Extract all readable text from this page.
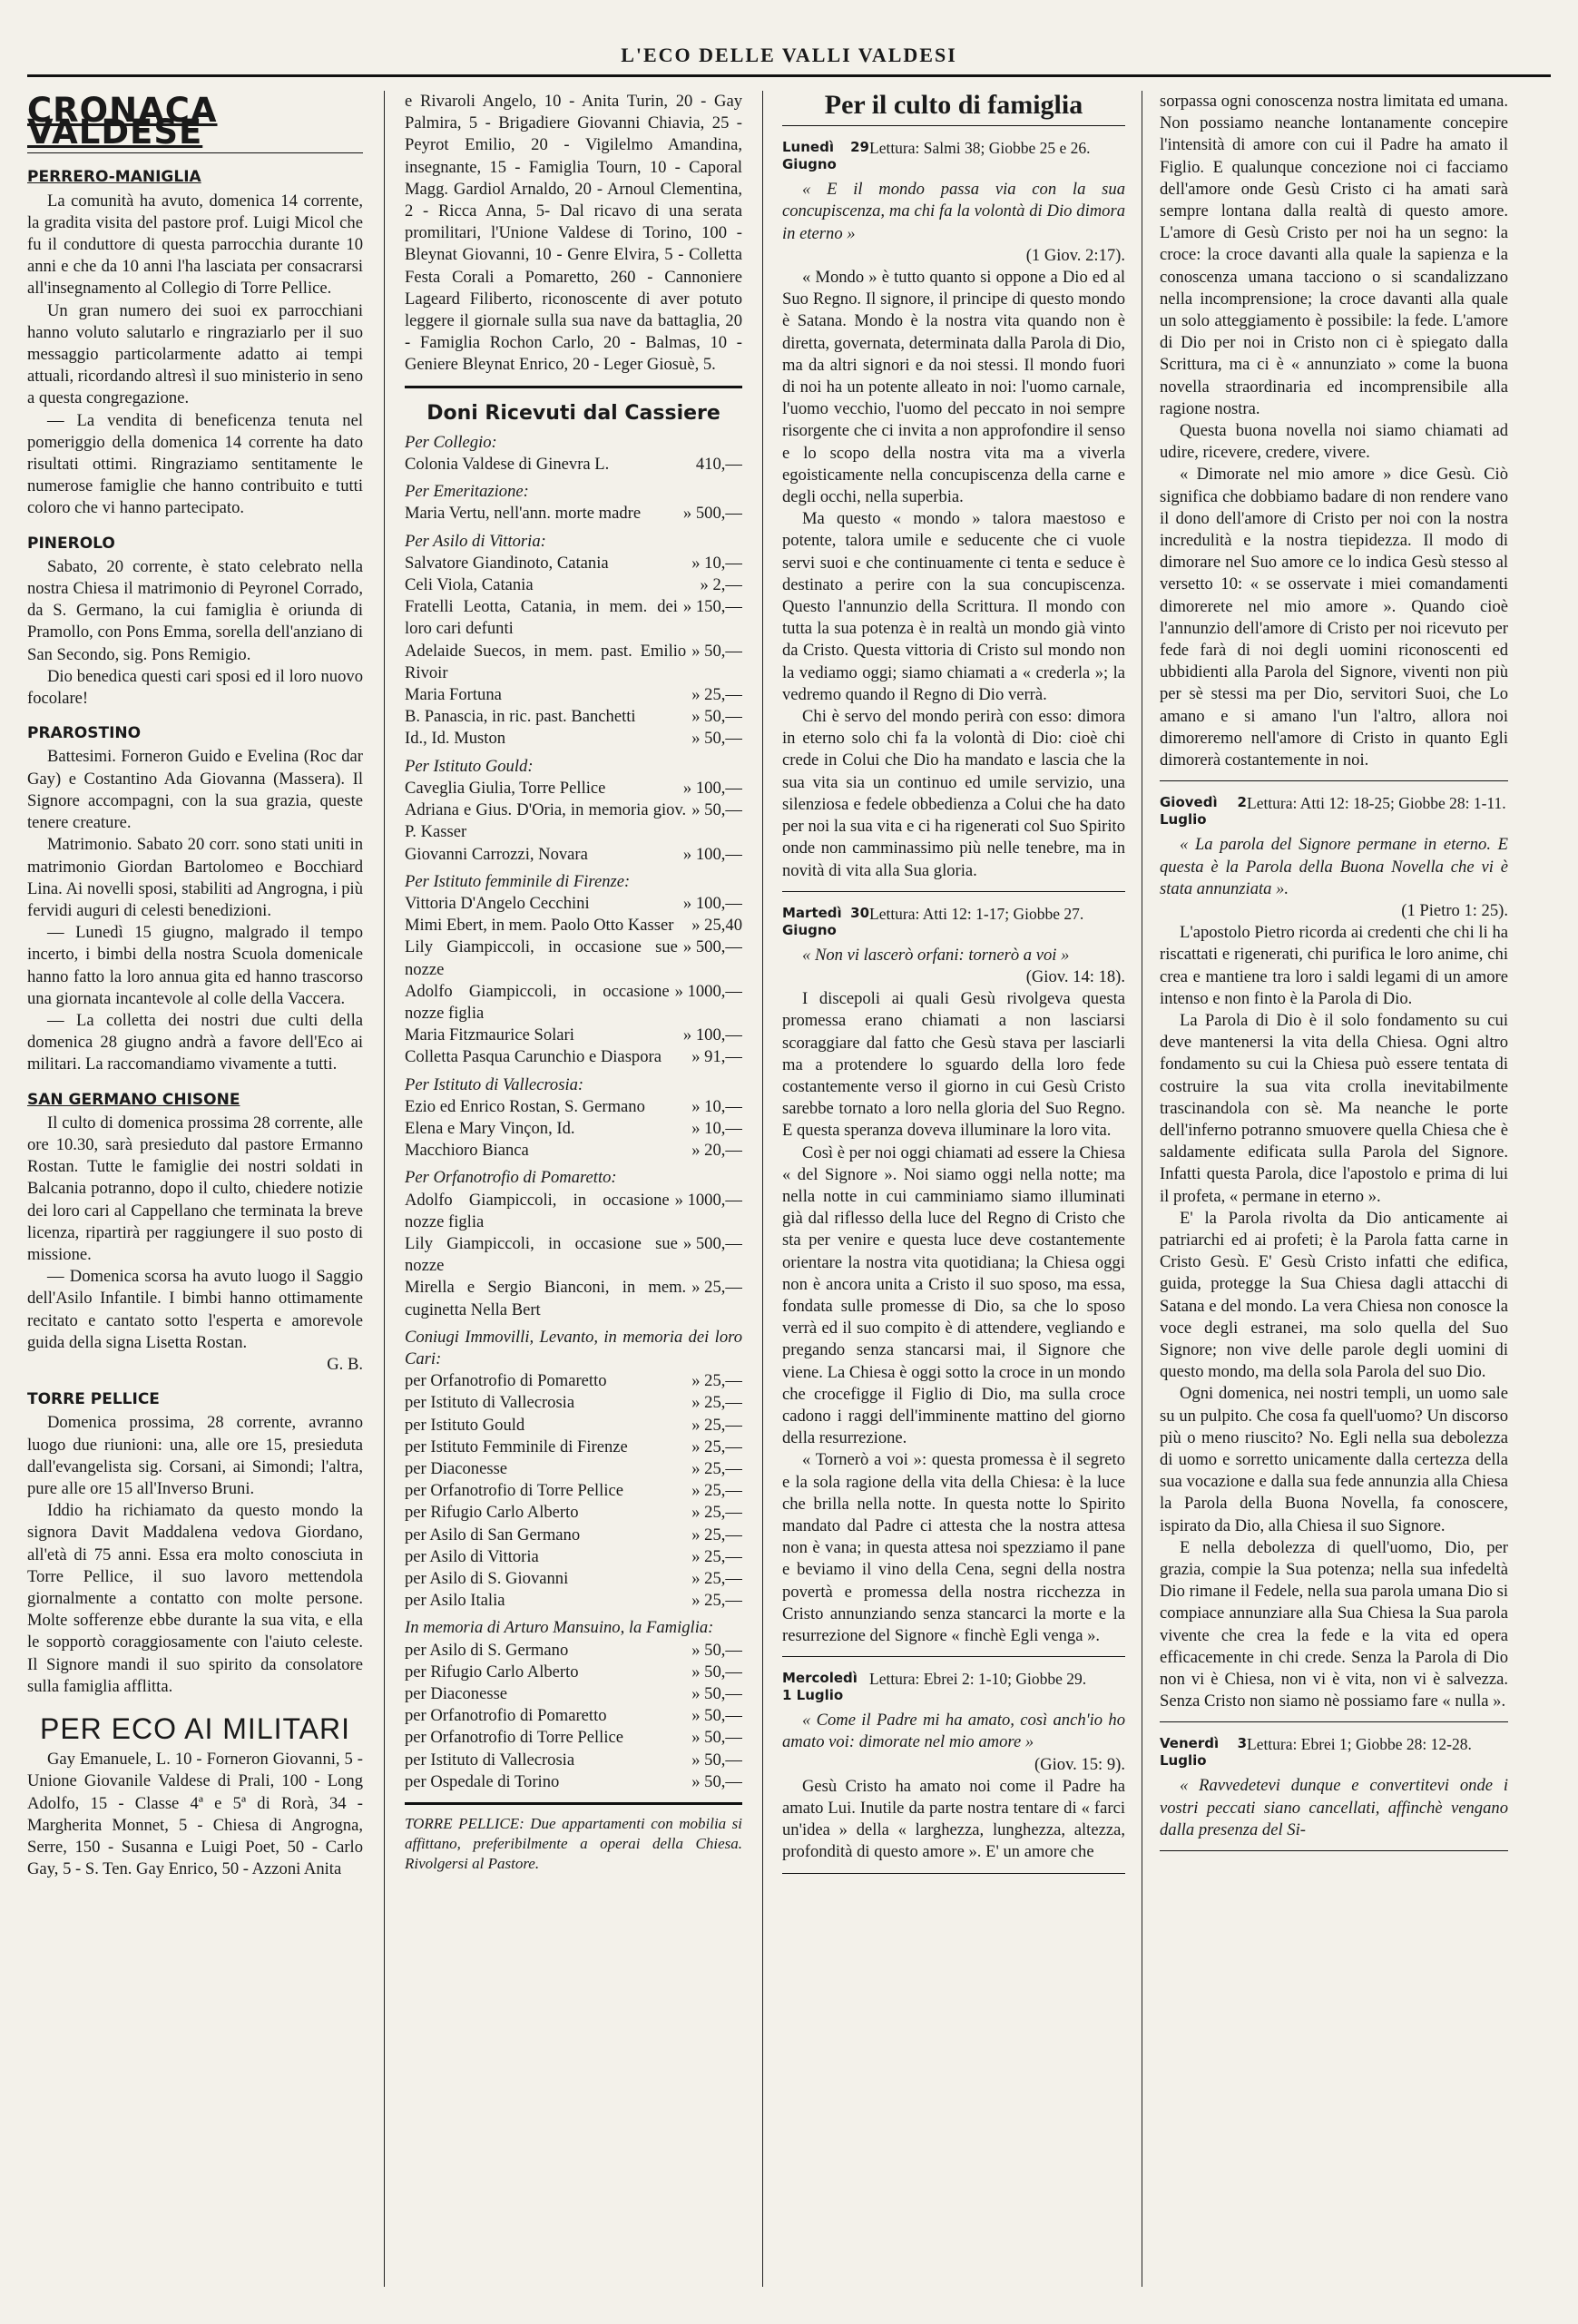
L'ECO DELLE VALLI VALDESI
CRONACA VALDESE
PERRERO-MANIGLIA

La comunità ha avuto, domenica 14 corrente, la gradita visita del pastore prof. Luigi Micol che fu il conduttore di questa parrocchia durante 10 anni e che da 10 anni l'ha lasciata per consacrarsi all'insegnamento al Collegio di Torre Pellice.

Un gran numero dei suoi ex parrocchiani hanno voluto salutarlo e ringraziarlo per il suo messaggio particolarmente adatto ai tempi attuali, ricordando altresì il suo ministerio in seno a questa congregazione.

— La vendita di beneficenza tenuta nel pomeriggio della domenica 14 corrente ha dato risultati ottimi. Ringraziamo sentitamente le numerose famiglie che hanno contribuito e tutti coloro che vi hanno partecipato.

PINEROLO

Sabato, 20 corrente, è stato celebrato nella nostra Chiesa il matrimonio di Peyronel Corrado, da S. Germano, la cui famiglia è oriunda di Pramollo, con Pons Emma, sorella dell'anziano di San Secondo, sig. Pons Remigio.

Dio benedica questi cari sposi ed il loro nuovo focolare!

PRAROSTINO

Battesimi. Forneron Guido e Evelina (Roc dar Gay) e Costantino Ada Giovanna (Massera). Il Signore accompagni, con la sua grazia, queste tenere creature.

Matrimonio. Sabato 20 corr. sono stati uniti in matrimonio Giordan Bartolomeo e Bocchiard Lina. Ai novelli sposi, stabiliti ad Angrogna, i più fervidi auguri di celesti benedizioni.

— Lunedì 15 giugno, malgrado il tempo incerto, i bimbi della nostra Scuola domenicale hanno fatto la loro annua gita ed hanno trascorso una giornata incantevole al colle della Vaccera.

— La colletta dei nostri due culti della domenica 28 giugno andrà a favore dell'Eco ai militari. La raccomandiamo vivamente a tutti.

SAN GERMANO CHISONE

Il culto di domenica prossima 28 corrente, alle ore 10.30, sarà presieduto dal pastore Ermanno Rostan. Tutte le famiglie dei nostri soldati in Balcania potranno, dopo il culto, chiedere notizie dei loro cari al Cappellano che terminata la breve licenza, ripartirà per raggiungere il suo posto di missione.

— Domenica scorsa ha avuto luogo il Saggio dell'Asilo Infantile. I bimbi hanno ottimamente recitato e cantato sotto l'esperta e amorevole guida della signa Lisetta Rostan.

G. B.
TORRE PELLICE

Domenica prossima, 28 corrente, avranno luogo due riunioni: una, alle ore 15, presieduta dall'evangelista sig. Corsani, ai Simondi; l'altra, pure alle ore 15 all'Inverso Bruni.

Iddio ha richiamato da questo mondo la signora Davit Maddalena vedova Giordano, all'età di 75 anni. Essa era molto conosciuta in Torre Pellice, il suo lavoro mettendola giornalmente a contatto con molte persone. Molte sofferenze ebbe durante la sua vita, e ella le sopportò coraggiosamente con l'aiuto celeste. Il Signore mandi il suo spirito da consolatore sulla famiglia afflitta.

PER ECO AI MILITARI

Gay Emanuele, L. 10 - Forneron Giovanni, 5 - Unione Giovanile Valdese di Prali, 100 - Long Adolfo, 15 - Classe 4ª e 5ª di Rorà, 34 - Margherita Monnet, 5 - Chiesa di Angrogna, Serre, 150 - Susanna e Luigi Poet, 50 - Carlo Gay, 5 - S. Ten. Gay Enrico, 50 - Azzoni Anita

e Rivaroli Angelo, 10 - Anita Turin, 20 - Gay Palmira, 5 - Brigadiere Giovanni Chiavia, 25 - Peyrot Emilio, 20 - Vigilelmo Amandina, insegnante, 15 - Famiglia Tourn, 10 - Caporal Magg. Gardiol Arnaldo, 20 - Arnoul Clementina, 2 - Ricca Anna, 5- Dal ricavo di una serata promilitari, l'Unione Valdese di Torino, 100 - Bleynat Giovanni, 10 - Genre Elvira, 5 - Colletta Festa Corali a Pomaretto, 260 - Cannoniere Lageard Filiberto, riconoscente di aver potuto leggere il giornale sulla sua nave da battaglia, 20 - Famiglia Rochon Carlo, 20 - Balmas, 10 - Geniere Bleynat Enrico, 20 - Leger Giosuè, 5.

Doni Ricevuti dal Cassiere
Per Collegio:
Colonia Valdese di Ginevra L.	410,—
Per Emeritazione:
Maria Vertu, nell'ann. morte madre	» 500,—
Per Asilo di Vittoria:
Salvatore Giandinoto, Catania	» 10,—
Celi Viola, Catania	» 2,—
Fratelli Leotta, Catania, in mem. dei loro cari defunti
» 150,—
Adelaide Suecos, in mem. past. Emilio Rivoir
» 50,—
Maria Fortuna	» 25,—
B. Panascia, in ric. past. Banchetti	» 50,—
Id., Id. Muston	» 50,—
Per Istituto Gould:
Caveglia Giulia, Torre Pellice	» 100,—
Adriana e Gius. D'Oria, in memoria giov. P. Kasser
» 50,—
Giovanni Carrozzi, Novara	» 100,—
Per Istituto femminile di Firenze:
Vittoria D'Angelo Cecchini	» 100,—
Mimi Ebert, in mem. Paolo Otto Kasser	» 25,40
Lily Giampiccoli, in occasione sue nozze
» 500,—
Adolfo Giampiccoli, in occasione nozze figlia
» 1000,—
Maria Fitzmaurice Solari	» 100,—
Colletta Pasqua Carunchio e Diaspora	» 91,—
Per Istituto di Vallecrosia:
Ezio ed Enrico Rostan, S. Germano	» 10,—
Elena e Mary Vinçon, Id.	» 10,—
Macchioro Bianca	» 20,—
Per Orfanotrofio di Pomaretto:
Adolfo Giampiccoli, in occasione nozze figlia
» 1000,—
Lily Giampiccoli, in occasione sue nozze
» 500,—
Mirella e Sergio Bianconi, in mem. cuginetta Nella Bert
» 25,—
Coniugi Immovilli, Levanto, in memoria dei loro Cari:
per Orfanotrofio di Pomaretto	» 25,—
per Istituto di Vallecrosia	» 25,—
per Istituto Gould	» 25,—
per Istituto Femminile di Firenze	» 25,—
per Diaconesse	» 25,—
per Orfanotrofio di Torre Pellice	» 25,—
per Rifugio Carlo Alberto	» 25,—
per Asilo di San Germano	» 25,—
per Asilo di Vittoria	» 25,—
per Asilo di S. Giovanni	» 25,—
per Asilo Italia	» 25,—
In memoria di Arturo Mansuino, la Famiglia:
per Asilo di S. Germano	» 50,—
per Rifugio Carlo Alberto	» 50,—
per Diaconesse	» 50,—
per Orfanotrofio di Pomaretto	» 50,—
per Orfanotrofio di Torre Pellice	» 50,—
per Istituto di Vallecrosia	» 50,—
per Ospedale di Torino	» 50,—

TORRE PELLICE: Due appartamenti con mobilia si affittano, preferibilmente a operai della Chiesa. Rivolgersi al Pastore.

Per il culto di famiglia
Lunedì 29 Giugno
Lettura: Salmi 38; Giobbe 25 e 26.

« E il mondo passa via con la sua concupiscenza, ma chi fa la volontà di Dio dimora in eterno »

(1 Giov. 2:17).

« Mondo » è tutto quanto si oppone a Dio ed al Suo Regno. Il signore, il principe di questo mondo è Satana. Mondo è la nostra vita quando non è diretta, governata, determinata dalla Parola di Dio, ma da altri signori e da noi stessi. Il mondo fuori di noi ha un potente alleato in noi: l'uomo carnale, l'uomo vecchio, l'uomo del peccato in noi sempre risorgente che ci invita a non approfondire il senso e lo scopo della nostra vita ma a viverla egoisticamente nella concupiscenza della carne e degli occhi, nella superbia.

Ma questo « mondo » talora maestoso e potente, talora umile e seducente che ci vuole servi suoi e che continuamente ci tenta e seduce è destinato a perire con la sua concupiscenza. Questo l'annunzio della Scrittura. Il mondo con tutta la sua potenza è in realtà un mondo già vinto da Cristo. Questa vittoria di Cristo sul mondo non la vediamo oggi; siamo chiamati a « crederla »; la vedremo quando il Regno di Dio verrà.

Chi è servo del mondo perirà con esso: dimora in eterno solo chi fa la volontà di Dio: cioè chi crede in Colui che Dio ha mandato e lascia che la sua vita sia un continuo ed umile servizio, una silenziosa e fedele obbedienza a Colui che ha dato per noi la sua vita e ci ha rigenerati col Suo Spirito onde non camminassimo più nelle tenebre, ma in novità di vita alla Sua gloria.

Martedì 30 Giugno
Lettura: Atti 12: 1-17; Giobbe 27.

« Non vi lascerò orfani: tornerò a voi »

(Giov. 14: 18).

I discepoli ai quali Gesù rivolgeva questa promessa erano chiamati a non lasciarsi scoraggiare dal fatto che Gesù stava per lasciarli ma a protendere lo sguardo della loro fede costantemente verso il giorno in cui Gesù Cristo sarebbe tornato a loro nella gloria del Suo Regno. E questa speranza doveva illuminare la loro vita.

Così è per noi oggi chiamati ad essere la Chiesa « del Signore ». Noi siamo oggi nella notte; ma nella notte in cui camminiamo siamo illuminati già dal riflesso della luce del Regno di Cristo che sta per venire e questa luce deve costantemente orientare la nostra vita quotidiana; la Chiesa oggi non è ancora unita a Cristo il suo sposo, ma essa, fondata sulle promesse di Dio, sa che lo sposo verrà ed il suo compito è di attendere, vegliando e pregando senza stancarsi mai, il Signore che viene. La Chiesa è oggi sotto la croce in un mondo che crocefigge il Figlio di Dio, ma sulla croce cadono i raggi dell'imminente mattino del giorno della resurrezione.

« Tornerò a voi »: questa promessa è il segreto e la sola ragione della vita della Chiesa: è la luce che brilla nella notte. In questa notte lo Spirito mandato dal Padre ci attesta che la nostra attesa non è vana; in questa attesa noi spezziamo il pane e beviamo il vino della Cena, segni della nostra povertà e promessa della nostra ricchezza in Cristo annunziando senza stancarci la morte e la resurrezione del Signore « finchè Egli venga ».

Mercoledì 1 Luglio
Lettura: Ebrei 2: 1-10; Giobbe 29.

« Come il Padre mi ha amato, così anch'io ho amato voi: dimorate nel mio amore »

(Giov. 15: 9).

Gesù Cristo ha amato noi come il Padre ha amato Lui. Inutile da parte nostra tentare di « farci un'idea » della « larghezza, lunghezza, altezza, profondità di questo amore ». E' un amore che

sorpassa ogni conoscenza nostra limitata ed umana. Non possiamo neanche lontanamente concepire l'intensità di amore con cui il Padre ha amato il Figlio. E qualunque concezione noi ci facciamo dell'amore onde Gesù Cristo ci ha amati sarà sempre lontana dalla realtà di questo amore. L'amore di Gesù Cristo per noi ha un segno: la croce: la croce davanti alla quale la sapienza e la conoscenza umana tacciono o si scandalizzano nella incomprensione; la croce davanti alla quale un solo atteggiamento è possibile: la fede. L'amore di Dio per noi in Cristo non ci è spiegato dalla Scrittura, ma ci è « annunziato » come la buona novella straordinaria ed incomprensibile alla ragione nostra.

Questa buona novella noi siamo chiamati ad udire, ricevere, credere, vivere.

« Dimorate nel mio amore » dice Gesù. Ciò significa che dobbiamo badare di non rendere vano il dono dell'amore di Cristo per noi con la nostra incredulità e la nostra tiepidezza. Il modo di dimorare nel Suo amore ce lo indica Gesù stesso al versetto 10: « se osservate i miei comandamenti dimorerete nel mio amore ». Quando cioè l'annunzio dell'amore di Cristo per noi ricevuto per fede farà di noi degli uomini riconoscenti ed ubbidienti alla Parola del Signore, viventi non più per sè stessi ma per Dio, servitori Suoi, che Lo amano e si amano l'un l'altro, allora noi dimoreremo nell'amore di Cristo in quanto Egli dimorerà costantemente in noi.

Giovedì 2 Luglio
Lettura: Atti 12: 18-25; Giobbe 28: 1-11.

« La parola del Signore permane in eterno. E questa è la Parola della Buona Novella che vi è stata annunziata ».

(1 Pietro 1: 25).

L'apostolo Pietro ricorda ai credenti che chi li ha riscattati e rigenerati, chi purifica le loro anime, chi crea e mantiene tra loro i saldi legami di un amore intenso e non finto è la Parola di Dio.

La Parola di Dio è il solo fondamento su cui deve mantenersi la vita della Chiesa. Ogni altro fondamento su cui la Chiesa può essere tentata di costruire la sua vita crolla inevitabilmente trascinandola con sè. Ma neanche le porte dell'inferno potranno smuovere quella Chiesa che è saldamente edificata sulla Parola del Signore. Infatti questa Parola, dice l'apostolo e prima di lui il profeta, « permane in eterno ».

E' la Parola rivolta da Dio anticamente ai patriarchi ed ai profeti; è la Parola fatta carne in Cristo Gesù. E' Gesù Cristo infatti che edifica, guida, protegge la Sua Chiesa dagli attacchi di Satana e del mondo. La vera Chiesa non conosce la voce degli estranei, ma solo quella del Suo Signore; non vive delle parole degli uomini di questo mondo, ma della sola Parola del suo Dio.

Ogni domenica, nei nostri templi, un uomo sale su un pulpito. Che cosa fa quell'uomo? Un discorso più o meno riuscito? No. Egli nella sua debolezza di uomo e sorretto unicamente dalla certezza della sua vocazione e dalla sua fede annunzia alla Chiesa la Parola della Buona Novella, fa conoscere, ispirato da Dio, alla Chiesa il suo Signore.

E nella debolezza di quell'uomo, Dio, per grazia, compie la Sua potenza; nella sua infedeltà Dio rimane il Fedele, nella sua parola umana Dio si compiace annunziare alla Sua Chiesa la Sua parola vivente che crea la fede e la vita ed opera efficacemente in chi crede. Senza la Parola di Dio non vi è Chiesa, non vi è vita, non vi è salvezza. Senza Cristo non siamo nè possiamo fare « nulla ».

Venerdì 3 Luglio
Lettura: Ebrei 1; Giobbe 28: 12-28.

« Ravvedetevi dunque e convertitevi onde i vostri peccati siano cancellati, affinchè vengano dalla presenza del Si-
